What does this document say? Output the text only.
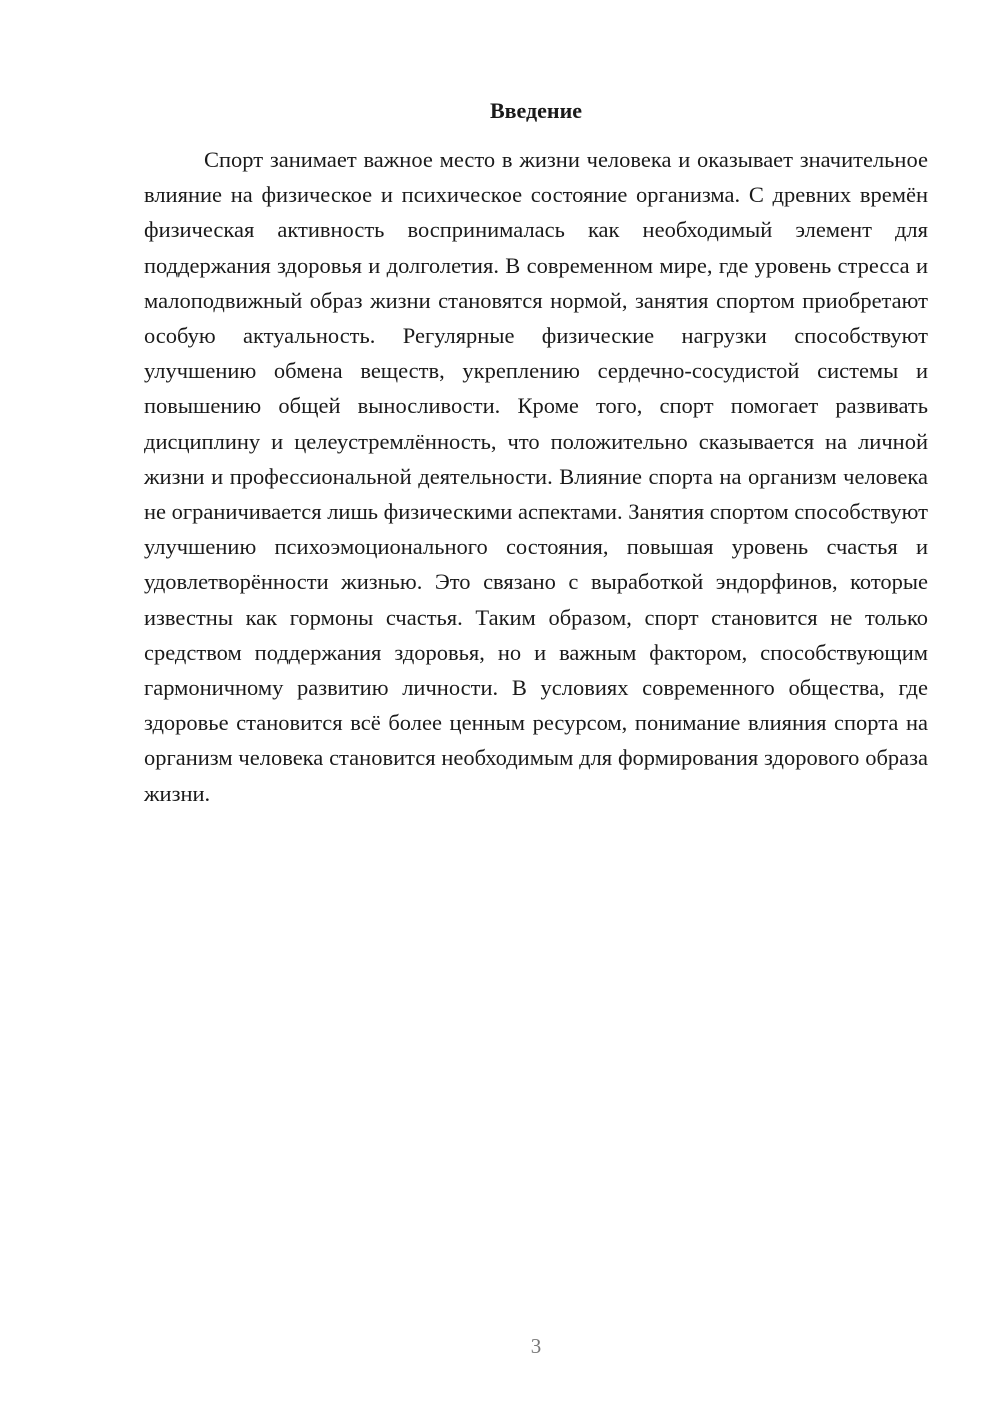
Введение

Спорт занимает важное место в жизни человека и оказывает значительное влияние на физическое и психическое состояние организма. С древних времён физическая активность воспринималась как необходимый элемент для поддержания здоровья и долголетия. В современном мире, где уровень стресса и малоподвижный образ жизни становятся нормой, занятия спортом приобретают особую актуальность. Регулярные физические нагрузки способствуют улучшению обмена веществ, укреплению сердечно-сосудистой системы и повышению общей выносливости. Кроме того, спорт помогает развивать дисциплину и целеустремлённость, что положительно сказывается на личной жизни и профессиональной деятельности. Влияние спорта на организм человека не ограничивается лишь физическими аспектами. Занятия спортом способствуют улучшению психоэмоционального состояния, повышая уровень счастья и удовлетворённости жизнью. Это связано с выработкой эндорфинов, которые известны как гормоны счастья. Таким образом, спорт становится не только средством поддержания здоровья, но и важным фактором, способствующим гармоничному развитию личности. В условиях современного общества, где здоровье становится всё более ценным ресурсом, понимание влияния спорта на организм человека становится необходимым для формирования здорового образа жизни.

3
